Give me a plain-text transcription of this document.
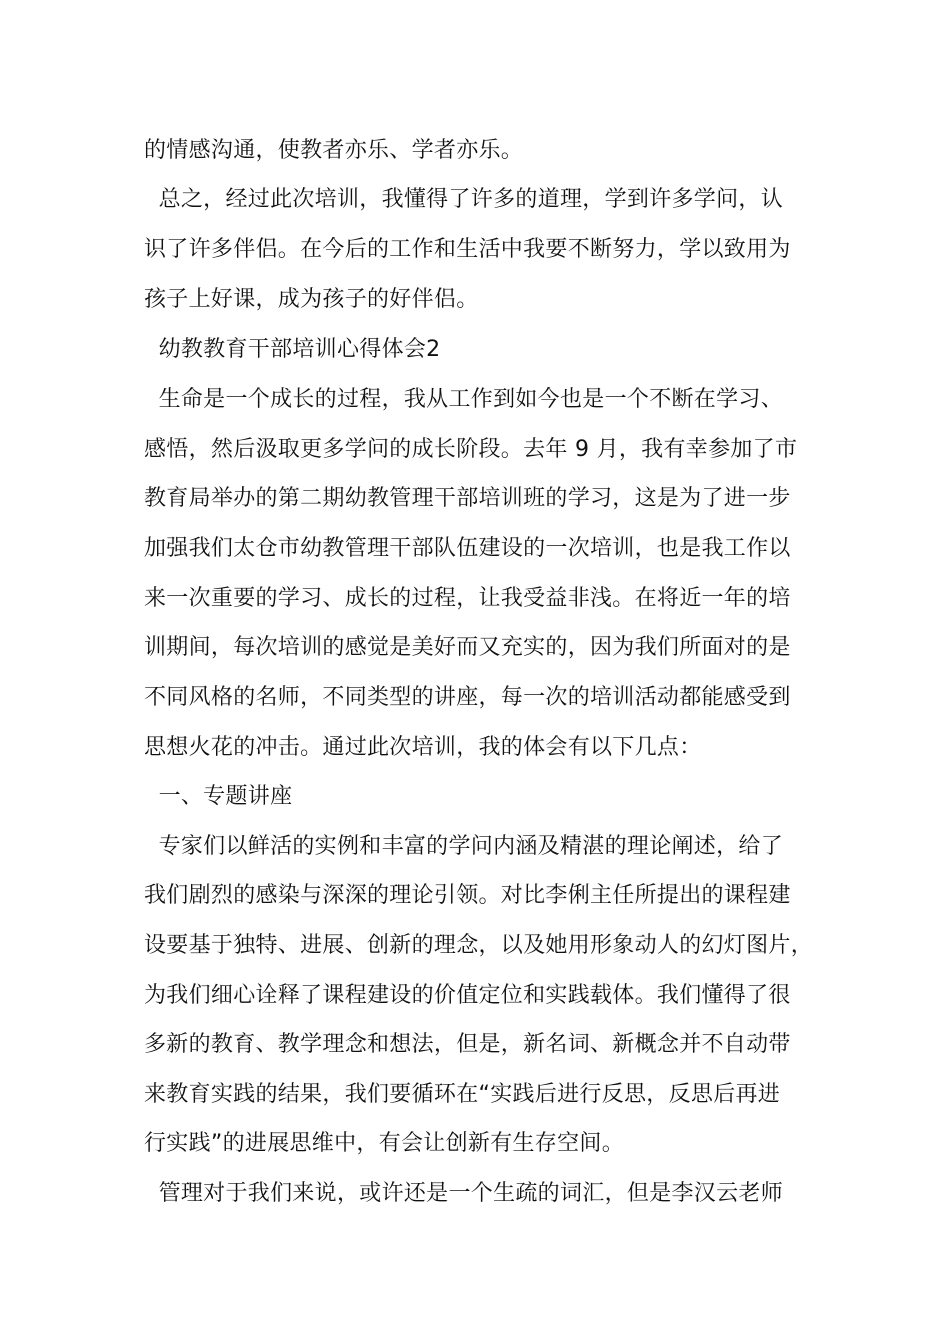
的情感沟通，使教者亦乐、学者亦乐。
总之，经过此次培训，我懂得了许多的道理，学到许多学问，认
识了许多伴侣。在今后的工作和生活中我要不断努力，学以致用为
孩子上好课，成为孩子的好伴侣。
幼教教育干部培训心得体会2
生命是一个成长的过程，我从工作到如今也是一个不断在学习、
感悟，然后汲取更多学问的成长阶段。去年 9 月，我有幸参加了市
教育局举办的第二期幼教管理干部培训班的学习，这是为了进一步
加强我们太仓市幼教管理干部队伍建设的一次培训，也是我工作以
来一次重要的学习、成长的过程，让我受益非浅。在将近一年的培
训期间，每次培训的感觉是美好而又充实的，因为我们所面对的是
不同风格的名师，不同类型的讲座，每一次的培训活动都能感受到
思想火花的冲击。通过此次培训，我的体会有以下几点：
一、专题讲座
专家们以鲜活的实例和丰富的学问内涵及精湛的理论阐述，给了
我们剧烈的感染与深深的理论引领。对比李俐主任所提出的课程建
设要基于独特、进展、创新的理念，以及她用形象动人的幻灯图片，
为我们细心诠释了课程建设的价值定位和实践载体。我们懂得了很
多新的教育、教学理念和想法，但是，新名词、新概念并不自动带
来教育实践的结果，我们要循环在“实践后进行反思，反思后再进
行实践”的进展思维中，有会让创新有生存空间。
管理对于我们来说，或许还是一个生疏的词汇，但是李汉云老师
